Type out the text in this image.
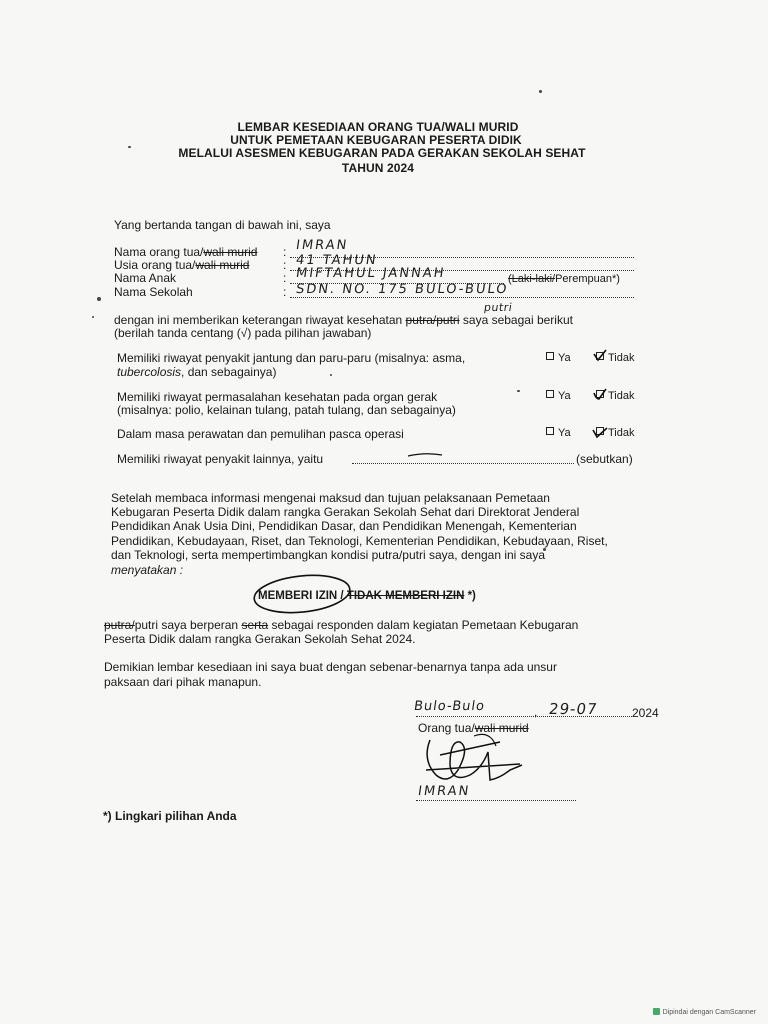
LEMBAR KESEDIAAN ORANG TUA/WALI MURID
UNTUK PEMETAAN KEBUGARAN PESERTA DIDIK
MELALUI ASESMEN KEBUGARAN PADA GERAKAN SEKOLAH SEHAT
TAHUN 2024
Yang bertanda tangan di bawah ini, saya
Nama orang tua/wali murid : IMRAN
Usia orang tua/wali murid	: 41 TAHUN
Nama Anak	: MIFTAHUL JANNAH	(Laki-laki/Perempuan*)
Nama Sekolah	: SDN. NO. 175 BULO-BULO
dengan ini memberikan keterangan riwayat kesehatan putra/putri saya sebagai berikut
putri
(berilah tanda centang (√) pada pilihan jawaban)
Memiliki riwayat penyakit jantung dan paru-paru (misalnya: asma,
tubercolosis, dan sebagainya)
Ya	Tidak
Memiliki riwayat permasalahan kesehatan pada organ gerak
(misalnya: polio, kelainan tulang, patah tulang, dan sebagainya)
Ya	Tidak
Dalam masa perawatan dan pemulihan pasca operasi	Ya	Tidak
Memiliki riwayat penyakit lainnya, yaitu	(sebutkan)
Setelah membaca informasi mengenai maksud dan tujuan pelaksanaan Pemetaan
Kebugaran Peserta Didik dalam rangka Gerakan Sekolah Sehat dari Direktorat Jenderal
Pendidikan Anak Usia Dini, Pendidikan Dasar, dan Pendidikan Menengah, Kementerian
Pendidikan, Kebudayaan, Riset, dan Teknologi, Kementerian Pendidikan, Kebudayaan, Riset,
dan Teknologi, serta mempertimbangkan kondisi putra/putri saya, dengan ini saya
menyatakan :
MEMBERI IZIN / TIDAK MEMBERI IZIN *)
putra/putri saya berperan serta sebagai responden dalam kegiatan Pemetaan Kebugaran
Peserta Didik dalam rangka Gerakan Sekolah Sehat 2024.
Demikian lembar kesediaan ini saya buat dengan sebenar-benarnya tanpa ada unsur
paksaan dari pihak manapun.
Bulo-Bulo	, 29-07	2024
Orang tua/wali murid
IMRAN
*) Lingkari pilihan Anda
Dipindai dengan CamScanner
